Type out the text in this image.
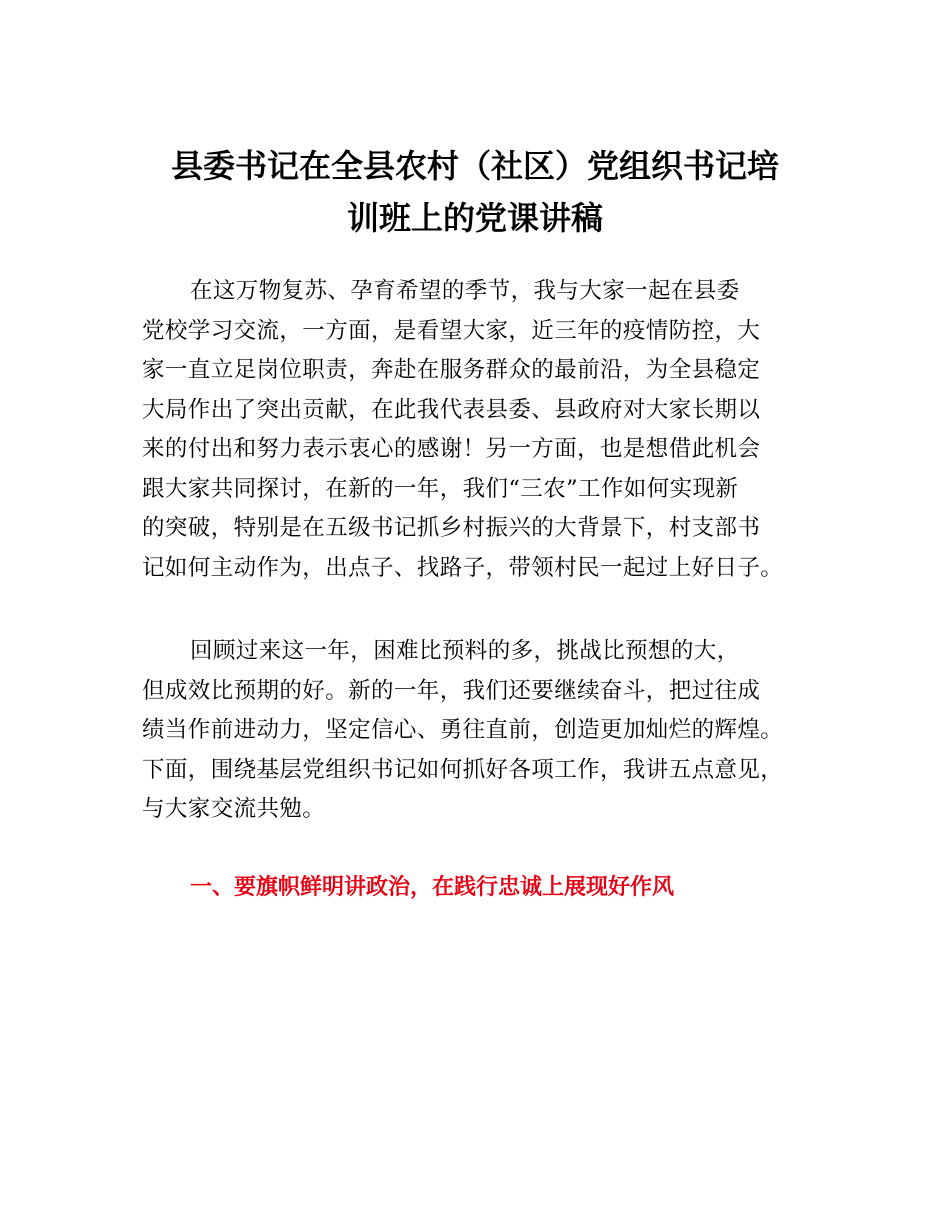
县委书记在全县农村（社区）党组织书记培
训班上的党课讲稿
在这万物复苏、孕育希望的季节，我与大家一起在县委
党校学习交流，一方面，是看望大家，近三年的疫情防控，大
家一直立足岗位职责，奔赴在服务群众的最前沿，为全县稳定
大局作出了突出贡献，在此我代表县委、县政府对大家长期以
来的付出和努力表示衷心的感谢！另一方面，也是想借此机会
跟大家共同探讨，在新的一年，我们“三农”工作如何实现新
的突破，特别是在五级书记抓乡村振兴的大背景下，村支部书
记如何主动作为，出点子、找路子，带领村民一起过上好日子。
回顾过来这一年，困难比预料的多，挑战比预想的大，
但成效比预期的好。新的一年，我们还要继续奋斗，把过往成
绩当作前进动力，坚定信心、勇往直前，创造更加灿烂的辉煌。
下面，围绕基层党组织书记如何抓好各项工作，我讲五点意见，
与大家交流共勉。
一、要旗帜鲜明讲政治，在践行忠诚上展现好作风
